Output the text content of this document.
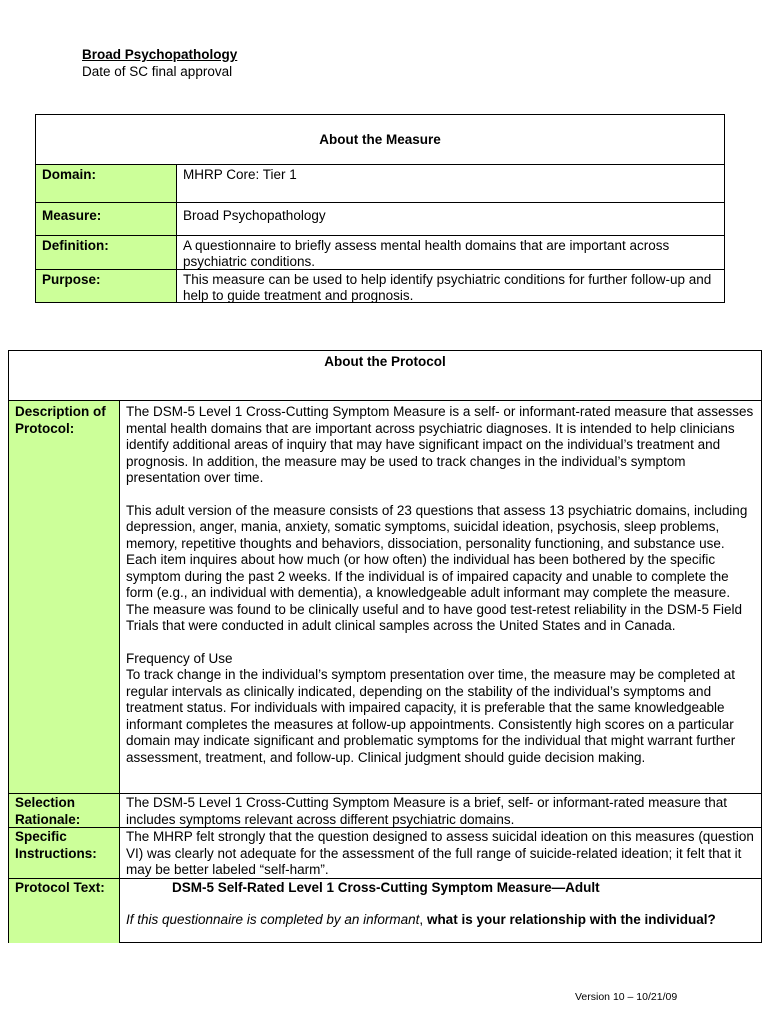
Broad Psychopathology
Date of SC final approval
About the Measure
Domain:	MHRP Core: Tier 1
Measure:	Broad Psychopathology
Definition:	A questionnaire to briefly assess mental health domains that are important across psychiatric conditions.
Purpose:	This measure can be used to help identify psychiatric conditions for further follow-up and help to guide treatment and prognosis.
About the Protocol
Description of Protocol:

The DSM-5 Level 1 Cross-Cutting Symptom Measure is a self- or informant-rated measure that assesses mental health domains that are important across psychiatric diagnoses. It is intended to help clinicians identify additional areas of inquiry that may have significant impact on the individual’s treatment and prognosis. In addition, the measure may be used to track changes in the individual’s symptom presentation over time.

This adult version of the measure consists of 23 questions that assess 13 psychiatric domains, including depression, anger, mania, anxiety, somatic symptoms, suicidal ideation, psychosis, sleep problems, memory, repetitive thoughts and behaviors, dissociation, personality functioning, and substance use. Each item inquires about how much (or how often) the individual has been bothered by the specific symptom during the past 2 weeks. If the individual is of impaired capacity and unable to complete the form (e.g., an individual with dementia), a knowledgeable adult informant may complete the measure. The measure was found to be clinically useful and to have good test-retest reliability in the DSM-5 Field Trials that were conducted in adult clinical samples across the United States and in Canada.

Frequency of Use

To track change in the individual’s symptom presentation over time, the measure may be completed at regular intervals as clinically indicated, depending on the stability of the individual’s symptoms and treatment status. For individuals with impaired capacity, it is preferable that the same knowledgeable informant completes the measures at follow-up appointments. Consistently high scores on a particular domain may indicate significant and problematic symptoms for the individual that might warrant further assessment, treatment, and follow-up. Clinical judgment should guide decision making.

Selection Rationale:
The DSM-5 Level 1 Cross-Cutting Symptom Measure is a brief, self- or informant-rated measure that includes symptoms relevant across different psychiatric domains.
Specific Instructions:
The MHRP felt strongly that the question designed to assess suicidal ideation on this measures (question VI) was clearly not adequate for the assessment of the full range of suicide-related ideation; it felt that it may be better labeled “self-harm”.
Protocol Text:	DSM-5 Self-Rated Level 1 Cross-Cutting Symptom Measure—Adult
If this questionnaire is completed by an informant, what is your relationship with the individual?
Version 10 – 10/21/09
